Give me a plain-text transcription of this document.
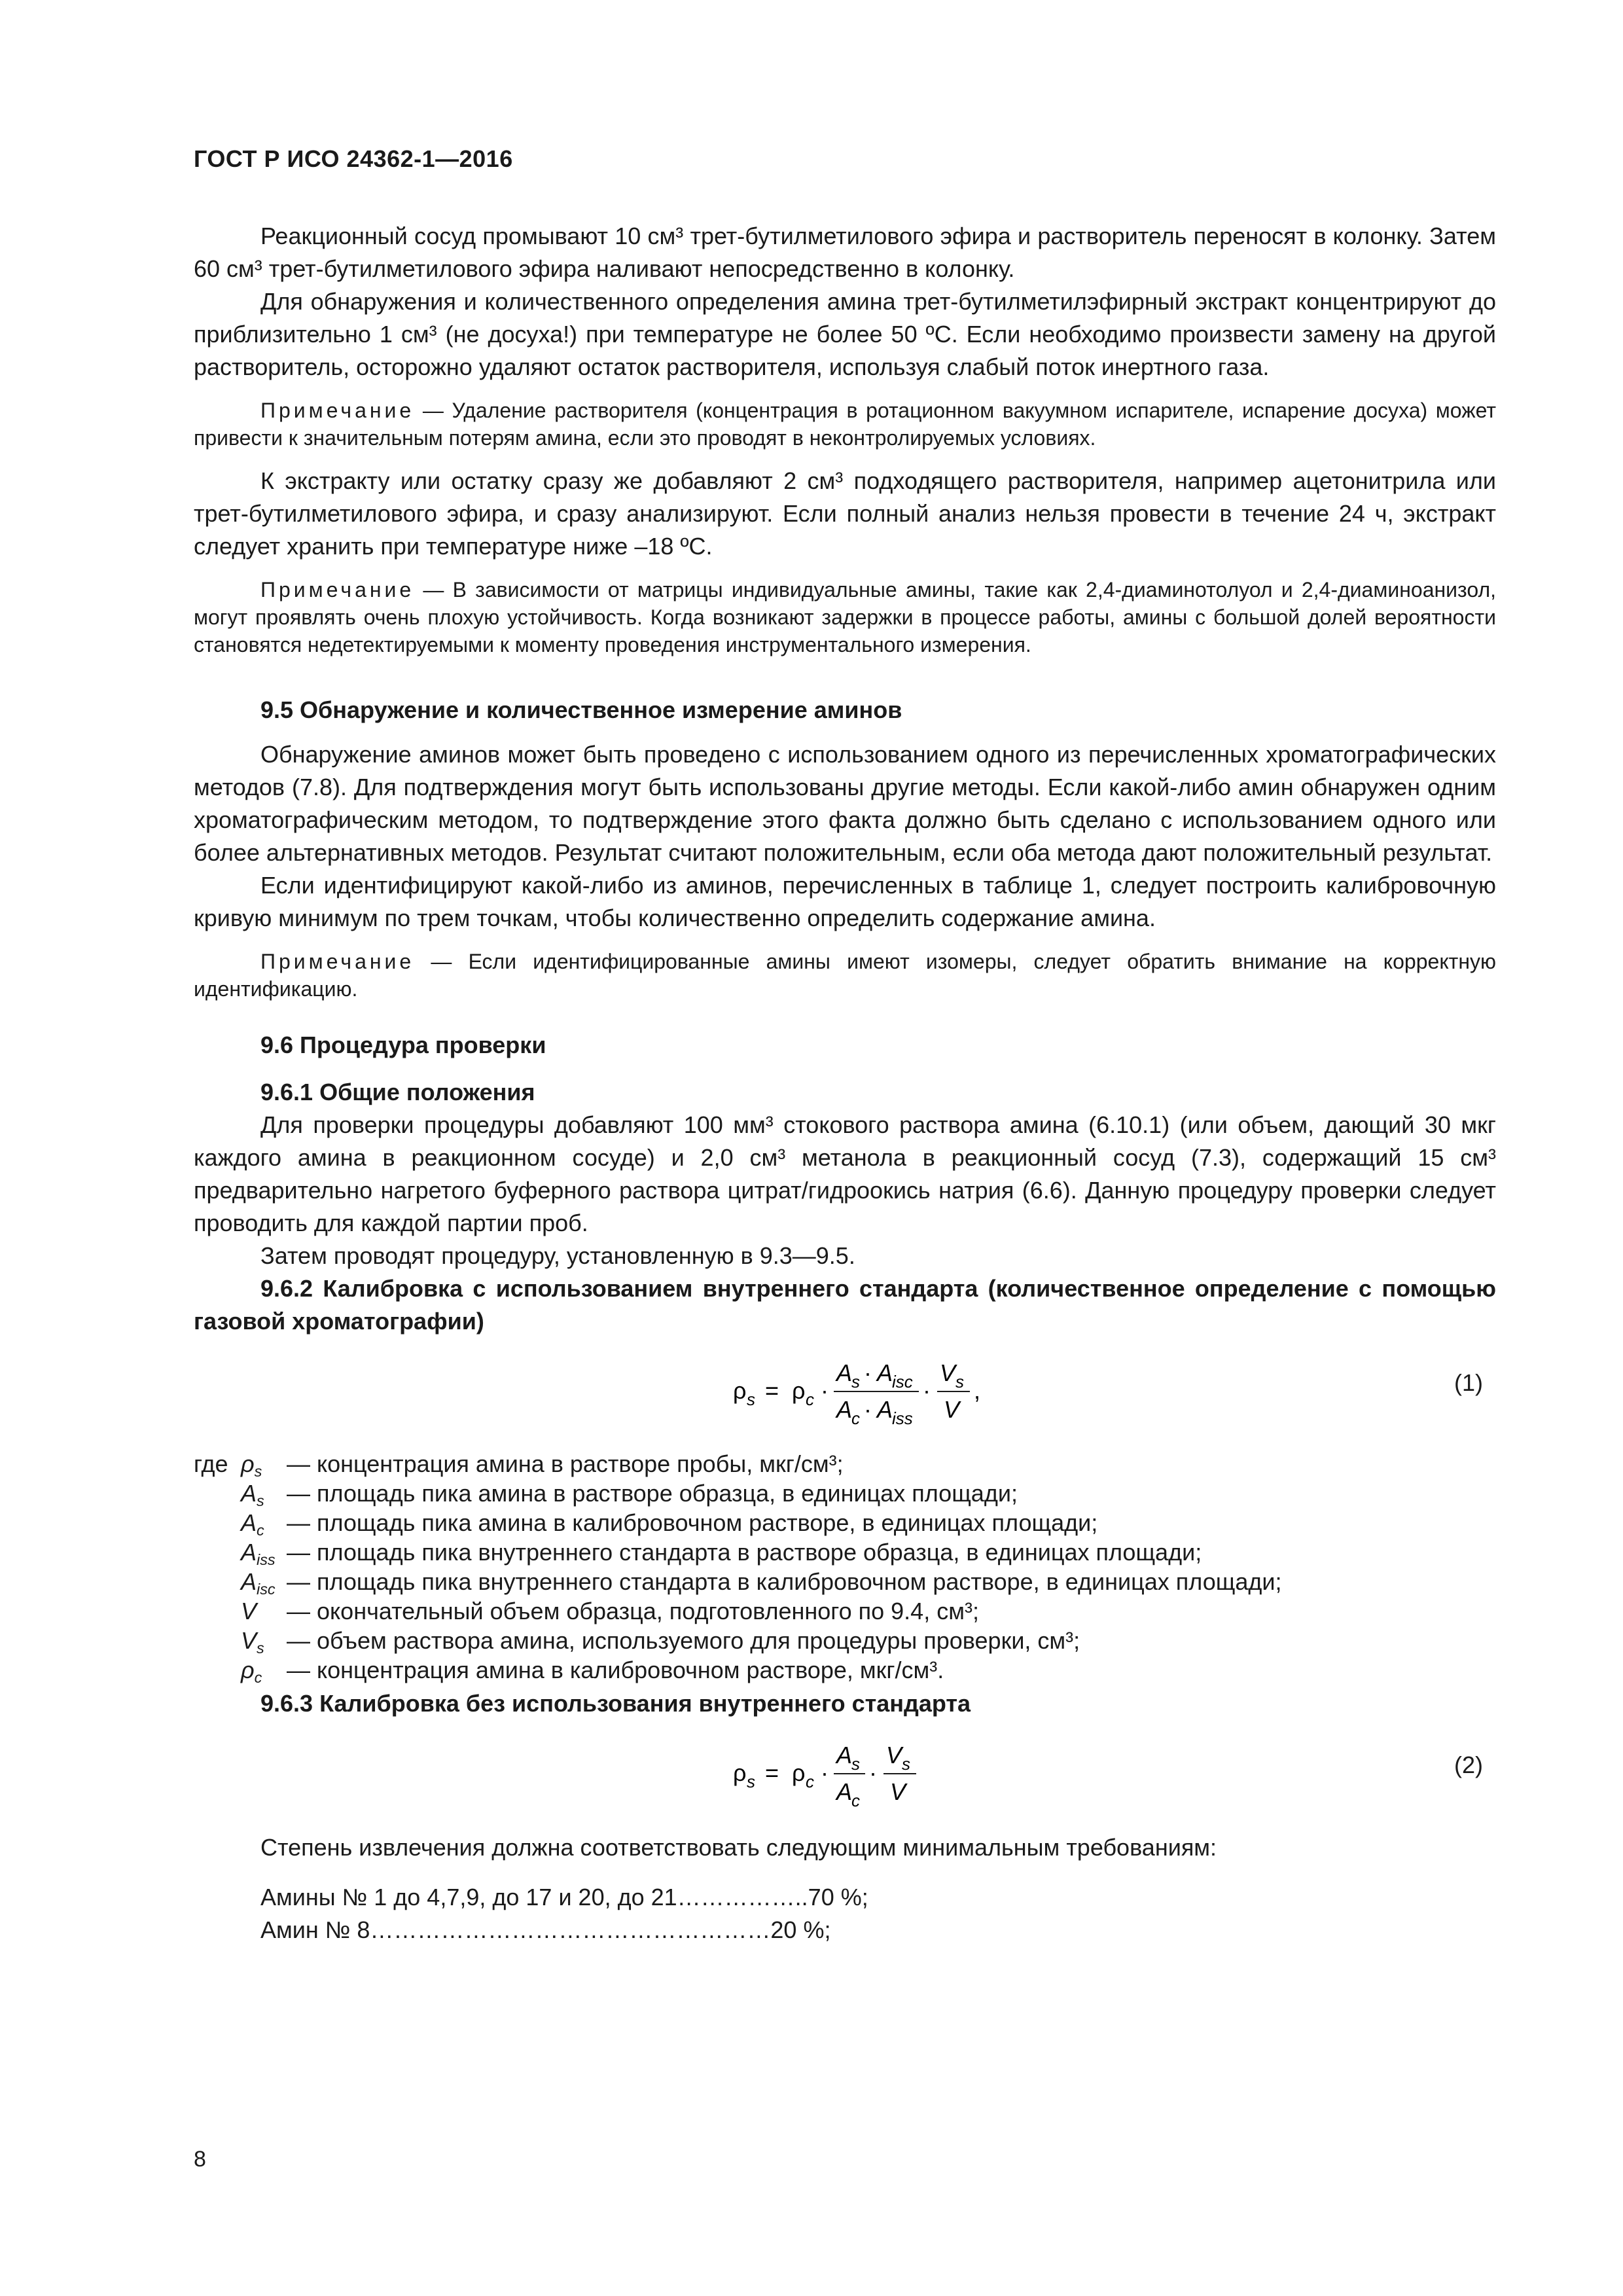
ГОСТ Р ИСО 24362-1—2016

Реакционный сосуд промывают 10 см³ трет-бутилметилового эфира и растворитель переносят в колонку. Затем 60 см³ трет-бутилметилового эфира наливают непосредственно в колонку.

Для обнаружения и количественного определения амина трет-бутилметилэфирный экстракт концентрируют до приблизительно 1 см³ (не досуха!) при температуре не более 50 ºС. Если необходимо произвести замену на другой растворитель, осторожно удаляют остаток растворителя, используя слабый поток инертного газа.

Примечание — Удаление растворителя (концентрация в ротационном вакуумном испарителе, испарение досуха) может привести к значительным потерям амина, если это проводят в неконтролируемых условиях.

К экстракту или остатку сразу же добавляют 2 см³ подходящего растворителя, например ацетонитрила или трет-бутилметилового эфира, и сразу анализируют. Если полный анализ нельзя провести в течение 24 ч, экстракт следует хранить при температуре ниже –18 ºС.

Примечание — В зависимости от матрицы индивидуальные амины, такие как 2,4-диаминотолуол и 2,4-диаминоанизол, могут проявлять очень плохую устойчивость. Когда возникают задержки в процессе работы, амины с большой долей вероятности становятся недетектируемыми к моменту проведения инструментального измерения.

9.5 Обнаружение и количественное измерение аминов

Обнаружение аминов может быть проведено с использованием одного из перечисленных хроматографических методов (7.8). Для подтверждения могут быть использованы другие методы. Если какой-либо амин обнаружен одним хроматографическим методом, то подтверждение этого факта должно быть сделано с использованием одного или более альтернативных методов. Результат считают положительным, если оба метода дают положительный результат.

Если идентифицируют какой-либо из аминов, перечисленных в таблице 1, следует построить калибровочную кривую минимум по трем точкам, чтобы количественно определить содержание амина.

Примечание — Если идентифицированные амины имеют изомеры, следует обратить внимание на корректную идентификацию.

9.6 Процедура проверки
9.6.1 Общие положения

Для проверки процедуры добавляют 100 мм³ стокового раствора амина (6.10.1) (или объем, дающий 30 мкг каждого амина в реакционном сосуде) и 2,0 см³ метанола в реакционный сосуд (7.3), содержащий 15 см³ предварительно нагретого буферного раствора цитрат/гидроокись натрия (6.6). Данную процедуру проверки следует проводить для каждой партии проб.

Затем проводят процедуру, установленную в 9.3—9.5.

9.6.2 Калибровка с использованием внутреннего стандарта (количественное определение с помощью газовой хроматографии)

ρ s = ρ c ·
A
s · A
isc
A
c · A
iss
·
V s
V
,	(1)
где $\rho_s$	— концентрация амина в растворе пробы, мкг/см³;
$A_s$ — площадь пика амина в растворе образца, в единицах площади;
$A_c$ — площадь пика амина в калибровочном растворе, в единицах площади;
$A_{iss}$ — площадь пика внутреннего стандарта в растворе образца, в единицах площади;
$A_{isc}$ — площадь пика внутреннего стандарта в калибровочном растворе, в единицах площади;
V	— окончательный объем образца, подготовленного по 9.4, см³;
$V_s$ — объем раствора амина, используемого для процедуры проверки, см³;
$\rho_c$	— концентрация амина в калибровочном растворе, мкг/см³.
9.6.3 Калибровка без использования внутреннего стандарта
ρ s = ρ c ·
A
s
A
c
·
V s
V
(2)

Степень извлечения должна соответствовать следующим минимальным требованиям:

Амины № 1 до 4,7,9, до 17 и 20, до 21……………..70 %;
Амин № 8……………………………………………20 %;
8
